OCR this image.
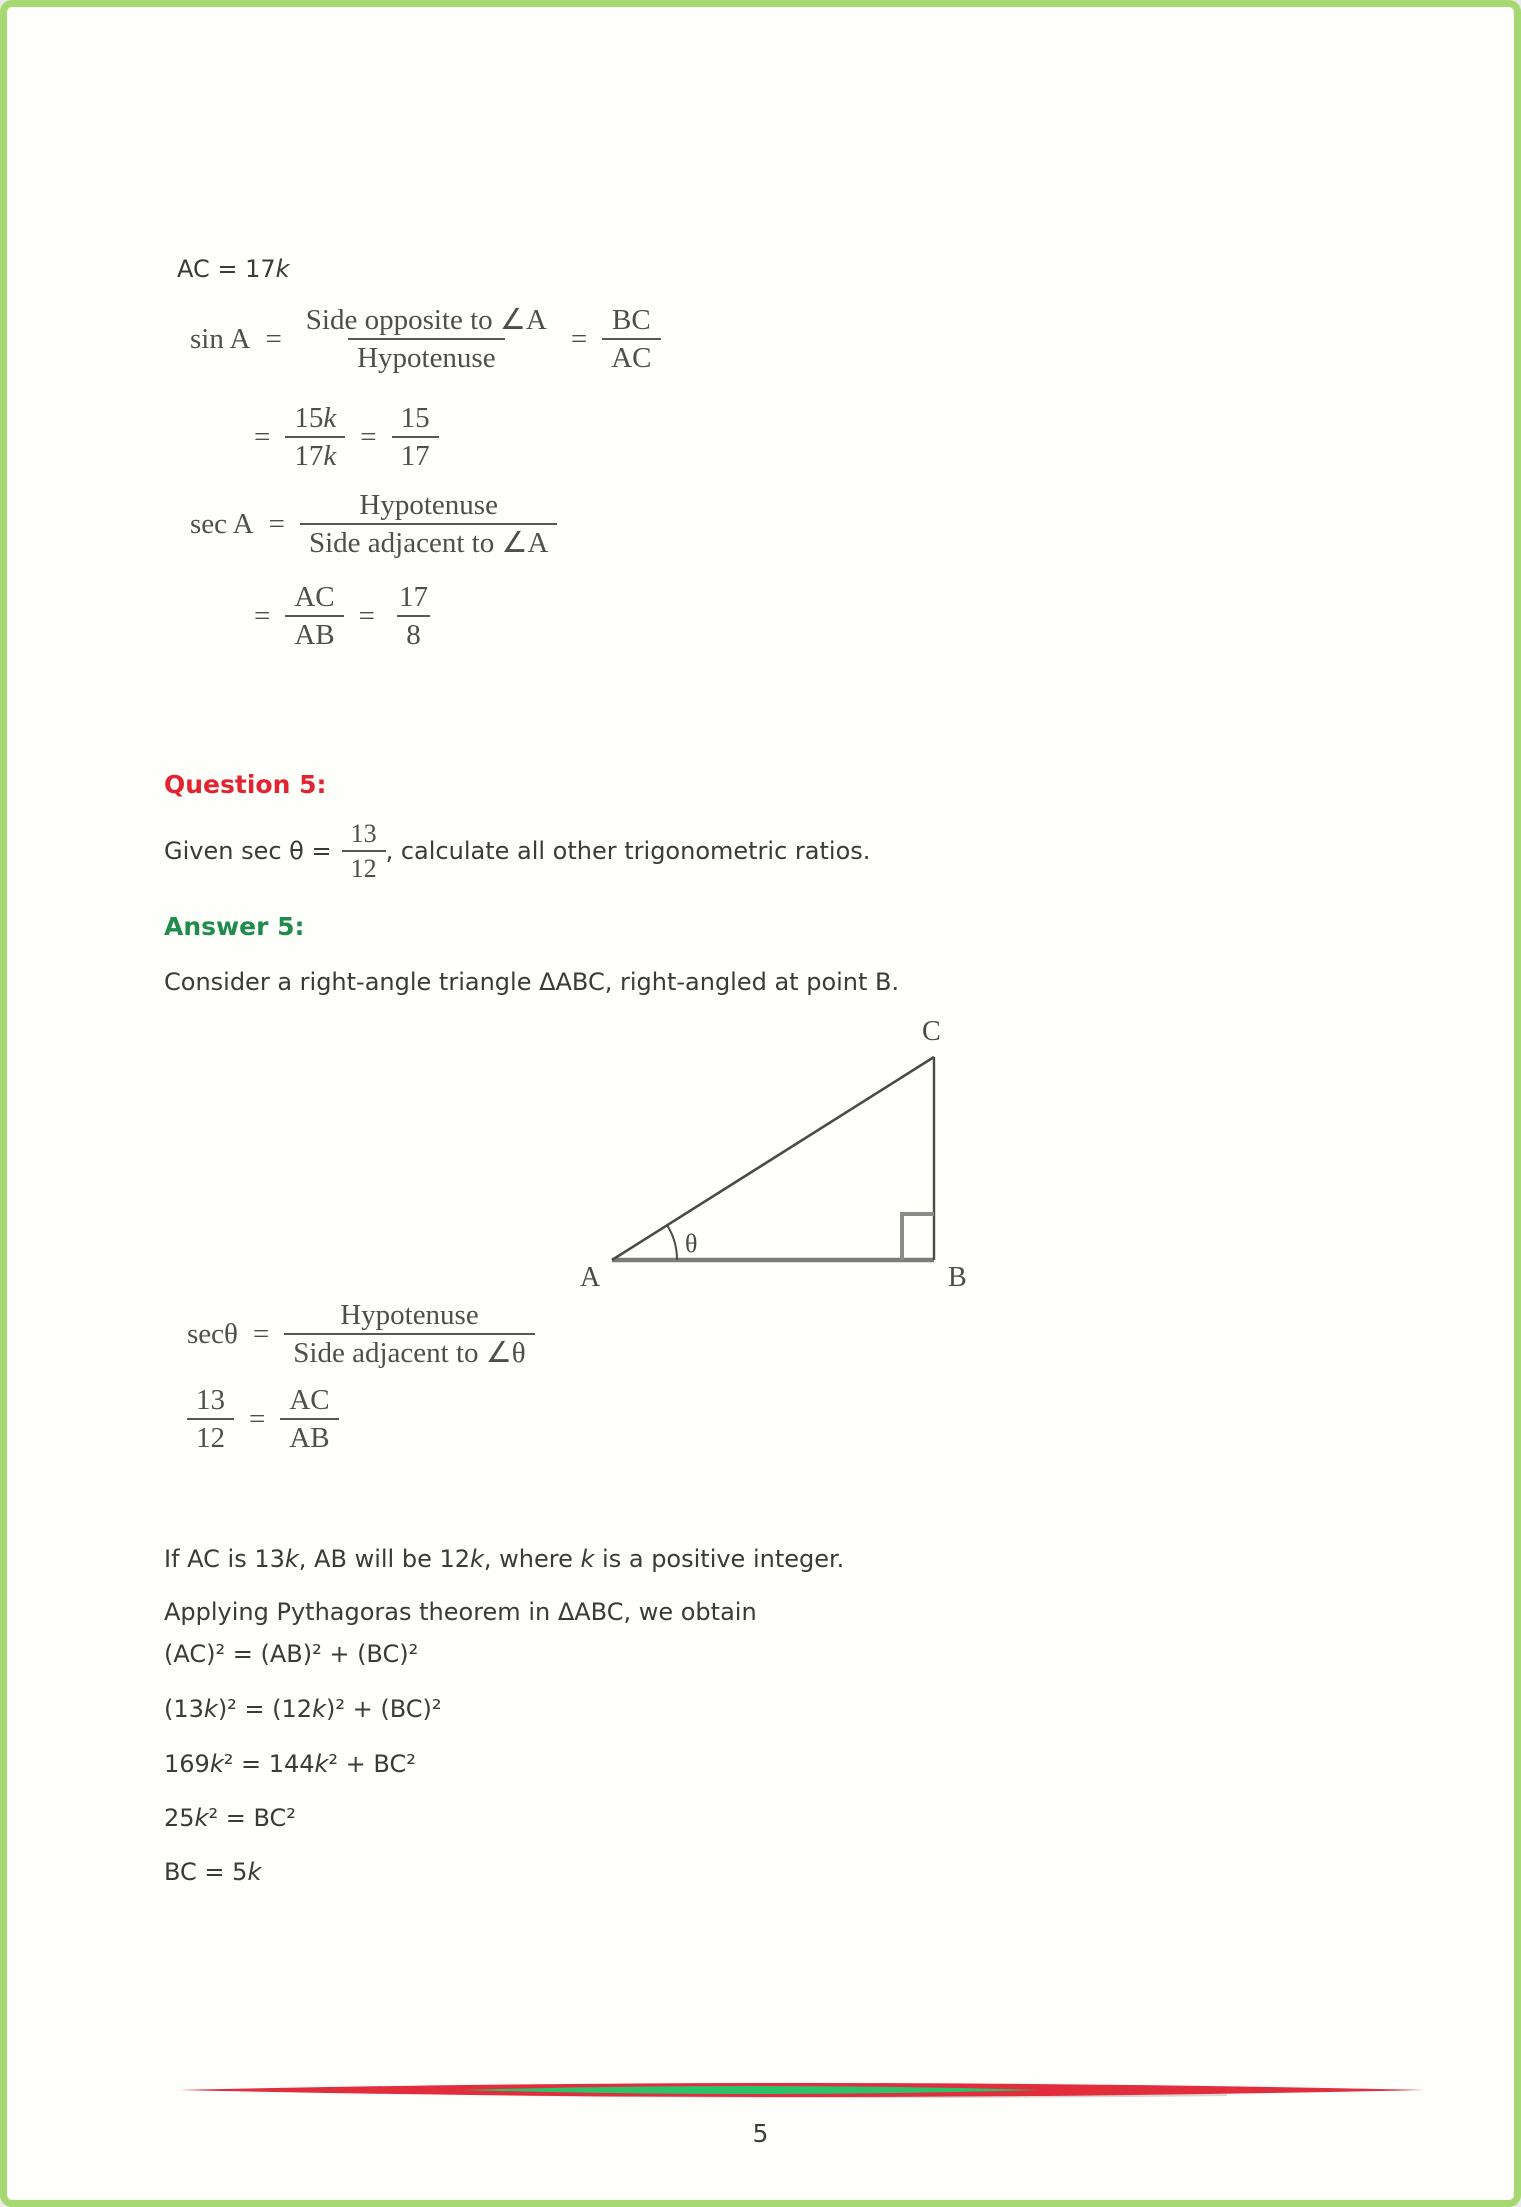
AC = 17k
$\sin A = \frac{\text{Side opposite to ∠A}}{\text{Hypotenuse}} = \frac{BC}{AC}$
= $\frac{15k}{17k} = \frac{15}{17}$
$\sec A = \frac{\text{Hypotenuse}}{\text{Side adjacent to ∠A}}$
= $\frac{AC}{AB} = \frac{17}{8}$
Question 5:
Given $\sec \theta = \frac{13}{12}$ , calculate all other trigonometric ratios.
Answer 5:
Consider a right-angle triangle ΔABC, right-angled at point B.
A	B
C
θ
$\sec\theta = \frac{\text{Hypotenuse}}{\text{Side adjacent to ∠θ}}$
$\frac{13}{12} = \frac{AC}{AB}$
If AC is 13k, AB will be 12k, where k is a positive integer.
Applying Pythagoras theorem in ΔABC, we obtain
(AC)² = (AB)² + (BC)²
(13k)² = (12k)² + (BC)²
169k² = 144k² + BC²
25k² = BC²
BC = 5k
5
